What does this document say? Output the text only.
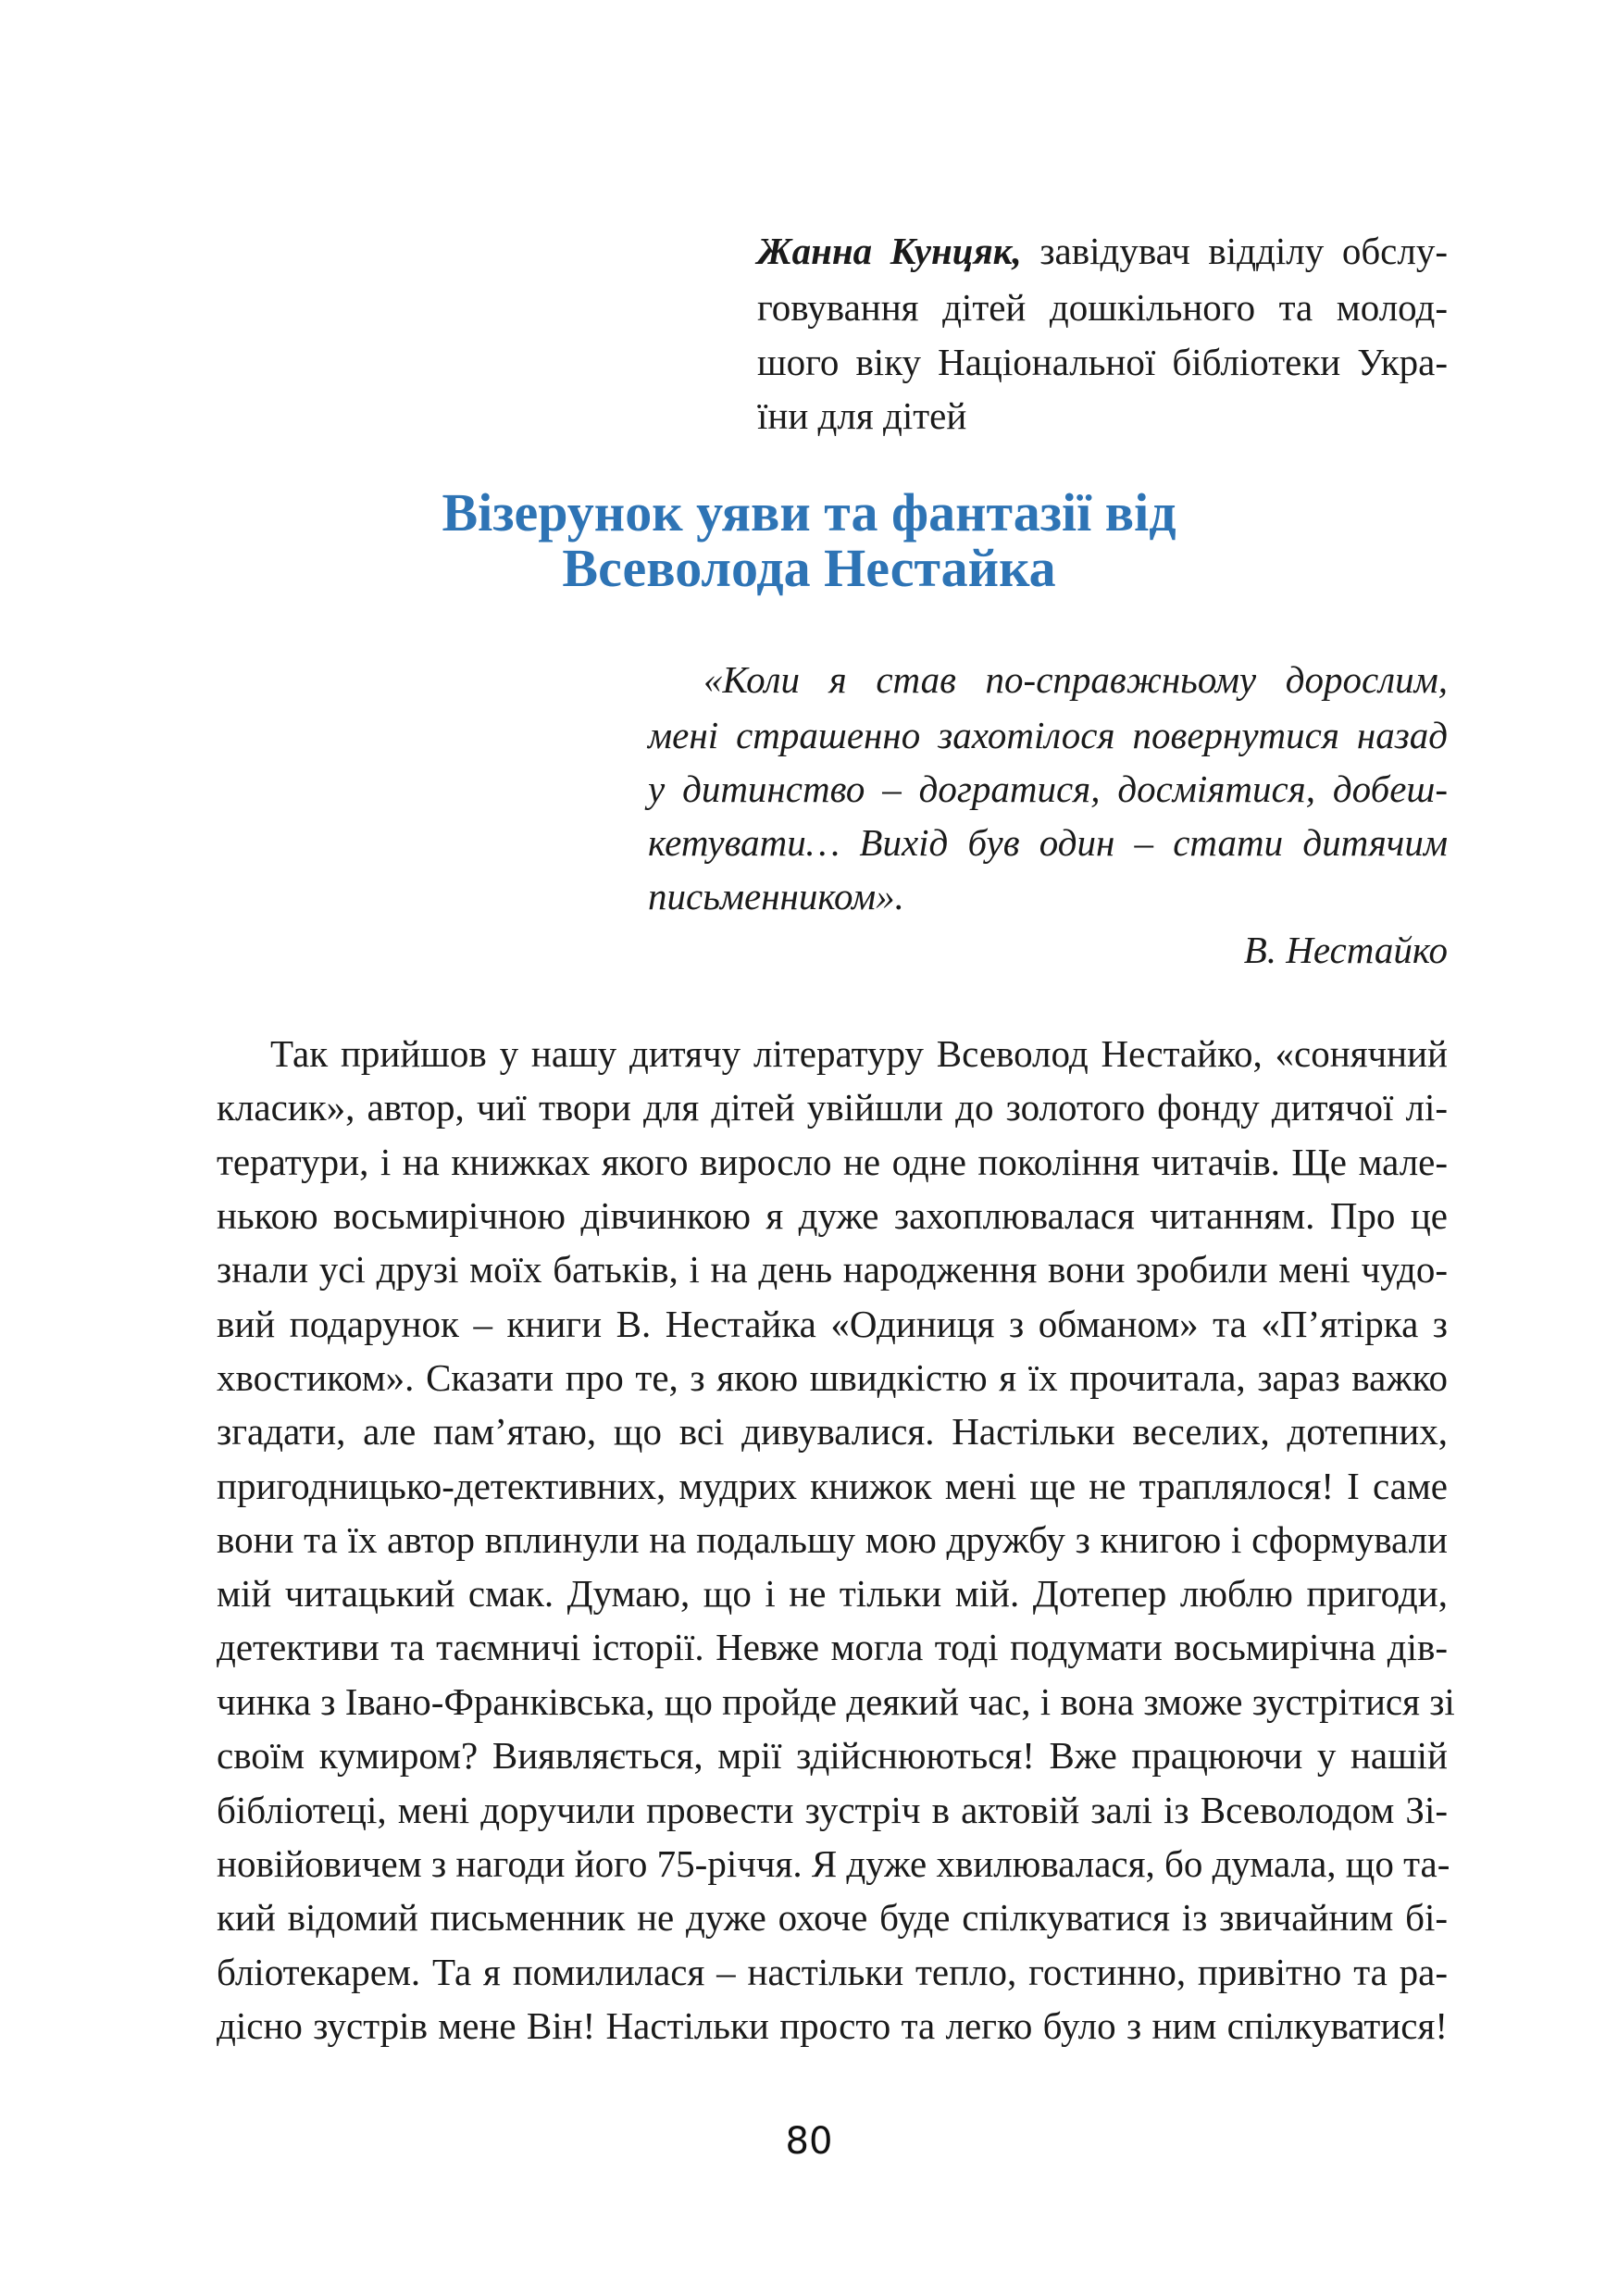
Жанна Кунцяк, завідувач відділу обслу-
говування дітей дошкільного та молод-
шого віку Національної бібліотеки Укра-
їни для дітей
Візерунок уяви та фантазії від
Всеволода Нестайка
«Коли я став по-справжньому дорослим,
мені страшенно захотілося повернутися назад
у дитинство – догратися, досміятися, добеш-
кетувати… Вихід був один – стати дитячим
письменником».
В. Нестайко
Так прийшов у нашу дитячу літературу Всеволод Нестайко, «сонячний
класик», автор, чиї твори для дітей увійшли до золотого фонду дитячої лі-
тератури, і на книжках якого виросло не одне покоління читачів. Ще мале-
нькою восьмирічною дівчинкою я дуже захоплювалася читанням. Про це
знали усі друзі моїх батьків, і на день народження вони зробили мені чудо-
вий подарунок – книги В. Нестайка «Одиниця з обманом» та «П’ятірка з
хвостиком». Сказати про те, з якою швидкістю я їх прочитала, зараз важко
згадати, але пам’ятаю, що всі дивувалися. Настільки веселих, дотепних,
пригодницько-детективних, мудрих книжок мені ще не траплялося! І саме
вони та їх автор вплинули на подальшу мою дружбу з книгою і сформували
мій читацький смак. Думаю, що і не тільки мій. Дотепер люблю пригоди,
детективи та таємничі історії. Невже могла тоді подумати восьмирічна дів-
чинка з Івано-Франківська, що пройде деякий час, і вона зможе зустрітися зі
своїм кумиром? Виявляється, мрії здійснюються! Вже працюючи у нашій
бібліотеці, мені доручили провести зустріч в актовій залі із Всеволодом Зі-
новійовичем з нагоди його 75-річчя. Я дуже хвилювалася, бо думала, що та-
кий відомий письменник не дуже охоче буде спілкуватися із звичайним бі-
бліотекарем. Та я помилилася – настільки тепло, гостинно, привітно та ра-
дісно зустрів мене Він! Настільки просто та легко було з ним спілкуватися!
80
